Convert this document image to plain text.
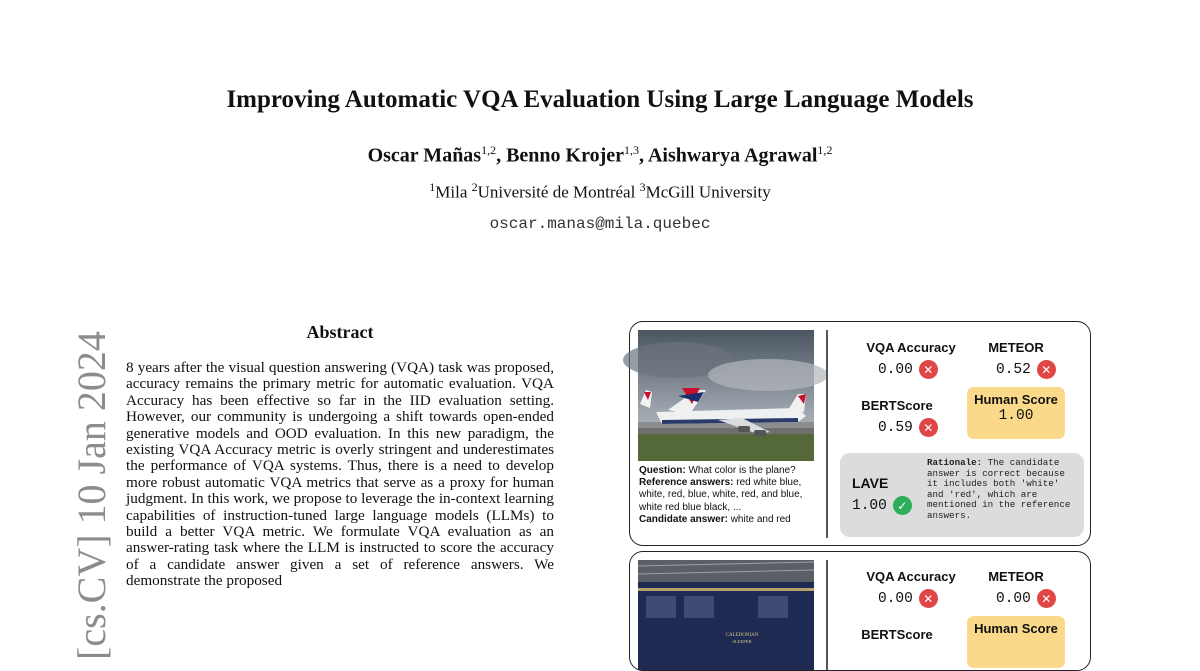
[cs.CV] 10 Jan 2024
Improving Automatic VQA Evaluation Using Large Language Models
Oscar Mañas$^{1,2}$, Benno Krojer$^{1,3}$, Aishwarya Agrawal$^{1,2}$
$^1$Mila $^2$Université de Montréal $^3$McGill University
oscar.manas@mila.quebec
Abstract
8 years after the visual question answering (VQA) task was proposed, accuracy remains the primary metric for automatic evaluation. VQA Accuracy has been effective so far in the IID evaluation setting. However, our community is undergoing a shift towards open-ended generative models and OOD evaluation. In this new paradigm, the existing VQA Accuracy metric is overly stringent and underestimates the performance of VQA systems. Thus, there is a need to develop more robust automatic VQA metrics that serve as a proxy for human judgment. In this work, we propose to leverage the in-context learning capabilities of instruction-tuned large language models (LLMs) to build a better VQA metric. We formulate VQA evaluation as an answer-rating task where the LLM is instructed to score the accuracy of a candidate answer given a set of reference answers. We demonstrate the proposed
Question: What color is the plane?
Reference answers: red white blue, white, red, blue, white, red, and blue, white red blue black, ...
Candidate answer: white and red
VQA Accuracy
0.00 ✕
METEOR
0.52 ✕
BERTScore
0.59 ✕
Human Score
1.00
LAVE
1.00 ✓
Rationale: The candidate answer is correct because it includes both 'white' and 'red', which are mentioned in the reference answers.
CALEDONIAN
SLEEPER
VQA Accuracy
0.00 ✕
METEOR
0.00 ✕
BERTScore	Human Score
